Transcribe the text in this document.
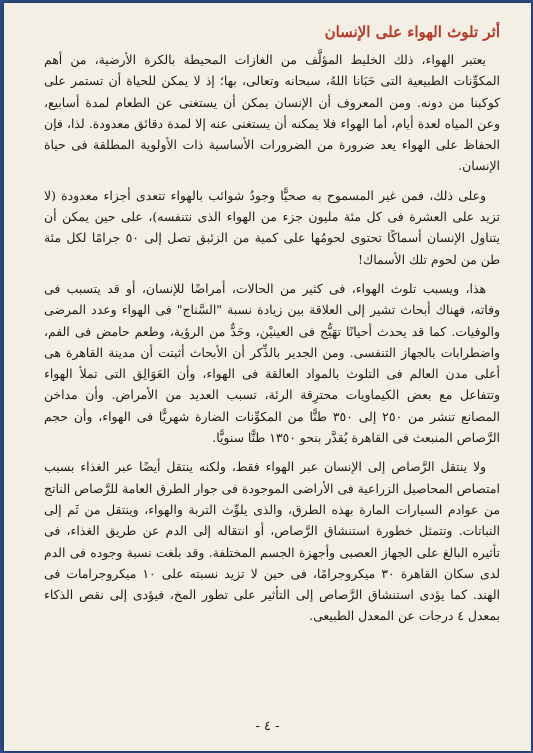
أثر تلوث الهواء على الإنسان

يعتبر الهواء، ذلك الخليط المؤلَّف من الغازات المحيطة بالكرة الأرضية، من أهم المكوِّنات الطبيعية التى حَبَانا اللهُ، سبحانه وتعالى، بها؛ إذ لا يمكن للحياة أن تستمر على كوكبنا من دونه. ومن المعروف أن الإنسان يمكن أن يستغنى عن الطعام لمدة أسابيع، وعن المياه لعدة أيام، أما الهواء فلا يمكنه أن يستغنى عنه إلا لمدة دقائق معدودة. لذا، فإن الحفاظ على الهواء يعد ضرورة من الضرورات الأساسية ذات الأولوية المطلقة فى حياة الإنسان.

وعلى ذلك، فمن غير المسموح به صحيًّا وجودُ شوائب بالهواء تتعدى أجزاء معدودة (لا تزيد على العشرة فى كل مئة مليون جزء من الهواء الذى نتنفسه)، على حين يمكن أن يتناول الإنسان أسماكًا تحتوى لحومُها على كمية من الزئبق تصل إلى ٥٠ جرامًا لكل مئة طن من لحوم تلك الأسماك!

هذا، ويسبب تلوث الهواء، فى كثير من الحالات، أمراضًا للإنسان، أو قد يتسبب فى وفاته، فهناك أبحاث تشير إلى العلاقة بين زيادة نسبة "السَّناج" فى الهواء وعدد المرضى والوفيات. كما قد يحدث أحيانًا تهَيُّج فى العينيْن، وحَدٌّ من الرؤية، وطعم حامض فى الفم، واضطرابات بالجهاز التنفسى. ومن الجدير بالذِّكر أن الأبحاث أثبتت أن مدينة القاهرة هى أعلى مدن العالم فى التلوث بالمواد العالقة فى الهواء، وأن العَوَالِق التى تملأ الهواء وتتفاعل مع بعض الكيماويات محترِقة الرئة، تسبب العديد من الأمراض. وأن مداخن المصانع تنشر من ٢٥٠ إلى ٣٥٠ طنًّا من المكوِّنات الضارة شهريًّا فى الهواء، وأن حجم الرَّصاص المنبعث فى القاهرة يُقدَّر بنحو ١٣٥٠ طنًّا سنويًّا.

ولا ينتقل الرَّصاص إلى الإنسان عبر الهواء فقط، ولكنه ينتقل أيضًا عبر الغذاء بسبب امتصاص المحاصيل الزراعية فى الأراضى الموجودة فى جوار الطرق العامة للرَّصاص الناتج من عوادم السيارات المارة بهذه الطرق، والذى يلوِّث التربة والهواء، وينتقل من ثَم إلى النباتات. وتتمثل خطورة استنشاق الرَّصاص، أو انتقاله إلى الدم عن طريق الغذاء، فى تأثيره البالغ على الجهاز العصبى وأجهزة الجسم المختلفة. وقد بلغت نسبة وجوده فى الدم لدى سكان القاهرة ٣٠ ميكروجرامًا، فى حين لا تزيد نسبته على ١٠ ميكروجرامات فى الهند. كما يؤدى استنشاق الرَّصاص إلى التأثير على تطور المخ، فيؤدى إلى نقص الذكاء بمعدل ٤ درجات عن المعدل الطبيعى.

- ٤ -
